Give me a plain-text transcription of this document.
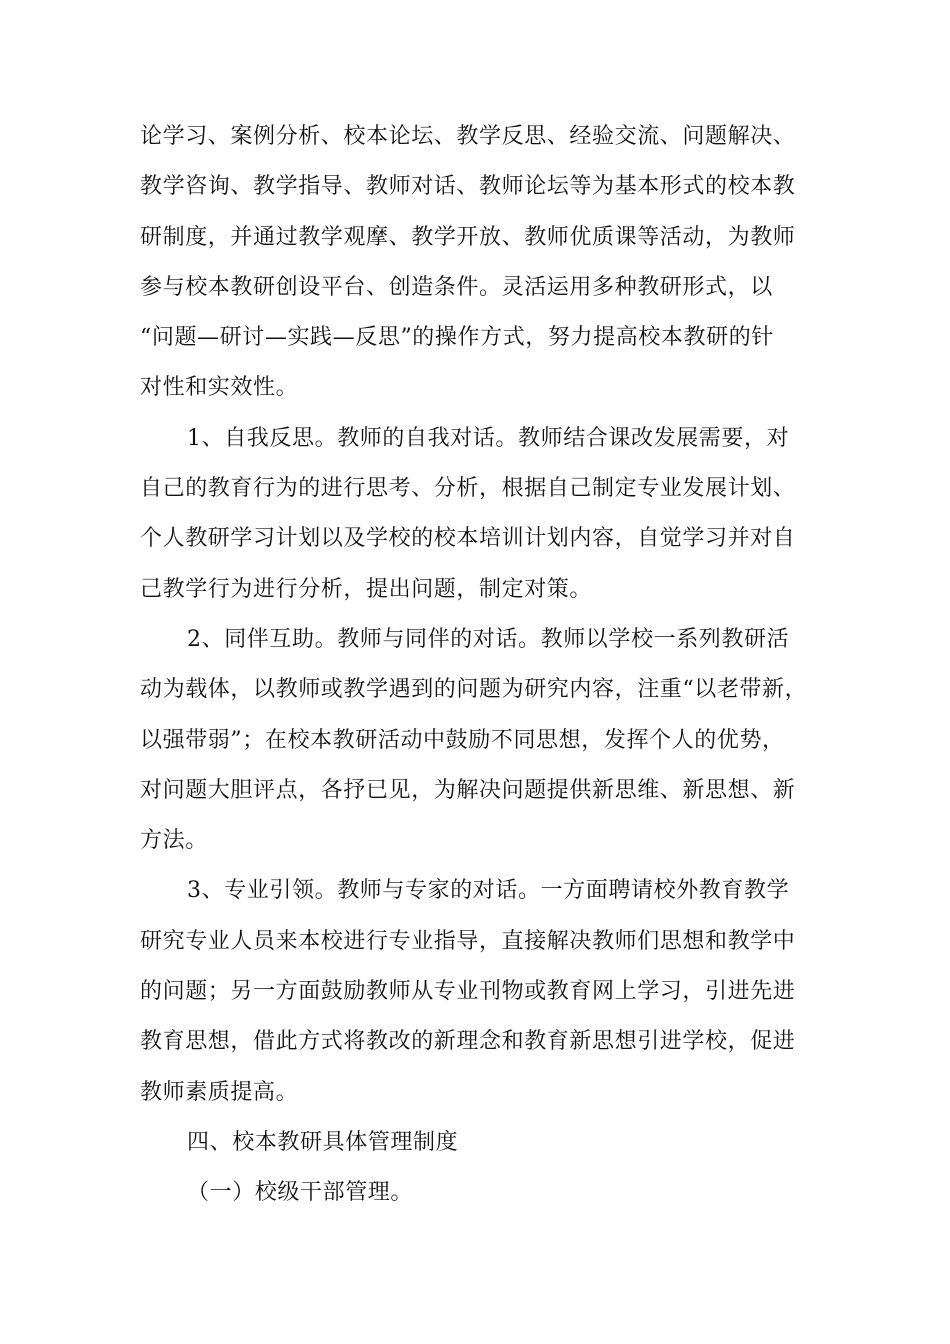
论学习、案例分析、校本论坛、教学反思、经验交流、问题解决、
教学咨询、教学指导、教师对话、教师论坛等为基本形式的校本教
研制度，并通过教学观摩、教学开放、教师优质课等活动，为教师
参与校本教研创设平台、创造条件。灵活运用多种教研形式，以
“问题—研讨—实践—反思”的操作方式，努力提高校本教研的针
对性和实效性。
1、自我反思。教师的自我对话。教师结合课改发展需要，对
自己的教育行为的进行思考、分析，根据自己制定专业发展计划、
个人教研学习计划以及学校的校本培训计划内容，自觉学习并对自
己教学行为进行分析，提出问题，制定对策。
2、同伴互助。教师与同伴的对话。教师以学校一系列教研活
动为载体，以教师或教学遇到的问题为研究内容，注重“以老带新，
以强带弱”；在校本教研活动中鼓励不同思想，发挥个人的优势，
对问题大胆评点，各抒已见，为解决问题提供新思维、新思想、新
方法。
3、专业引领。教师与专家的对话。一方面聘请校外教育教学
研究专业人员来本校进行专业指导，直接解决教师们思想和教学中
的问题；另一方面鼓励教师从专业刊物或教育网上学习，引进先进
教育思想，借此方式将教改的新理念和教育新思想引进学校，促进
教师素质提高。
四、校本教研具体管理制度
（一）校级干部管理。
